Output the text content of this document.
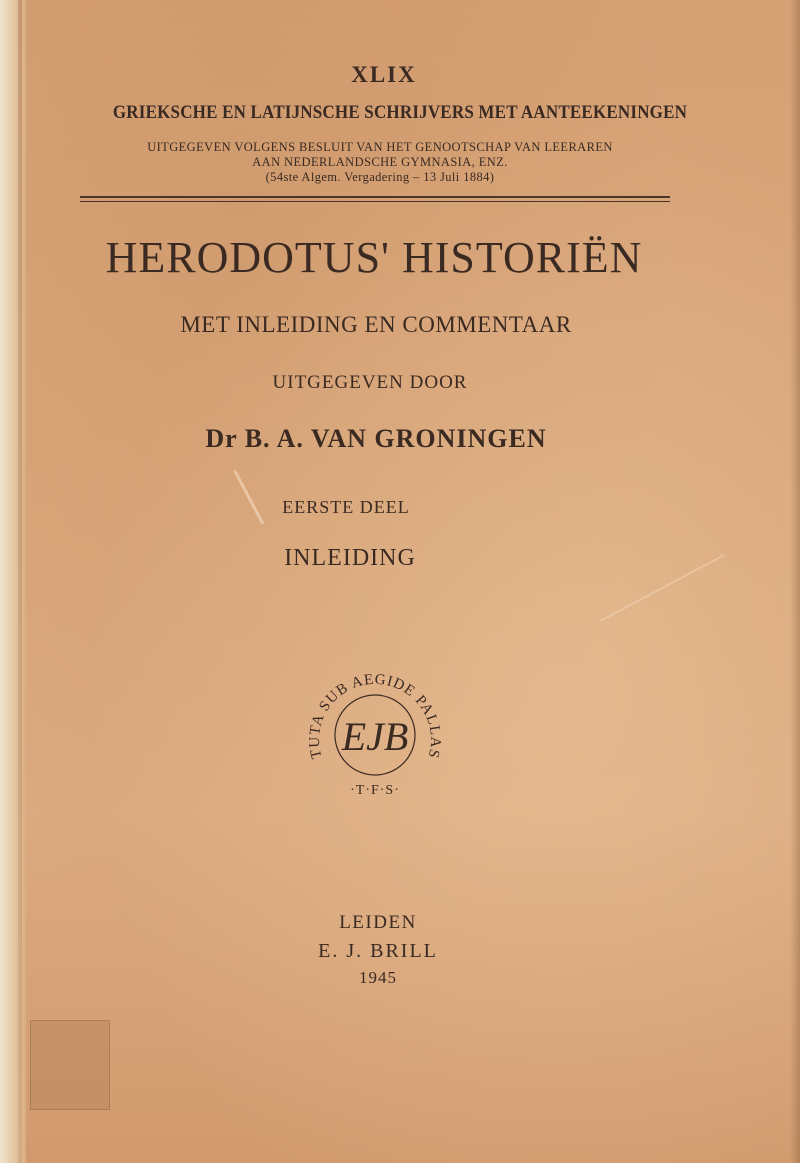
XLIX
GRIEKSCHE EN LATIJNSCHE SCHRIJVERS MET AANTEEKENINGEN
UITGEGEVEN VOLGENS BESLUIT VAN HET GENOOTSCHAP VAN LEERAREN
AAN NEDERLANDSCHE GYMNASIA, ENZ.
(54ste Algem. Vergadering – 13 Juli 1884)
HERODOTUS' HISTORIËN
MET INLEIDING EN COMMENTAAR
UITGEGEVEN DOOR
Dr B. A. VAN GRONINGEN
EERSTE DEEL
INLEIDING
TUTA SUB AEGIDE PALLAS
EJB
·T·F·S·
LEIDEN
E. J. BRILL
1945
